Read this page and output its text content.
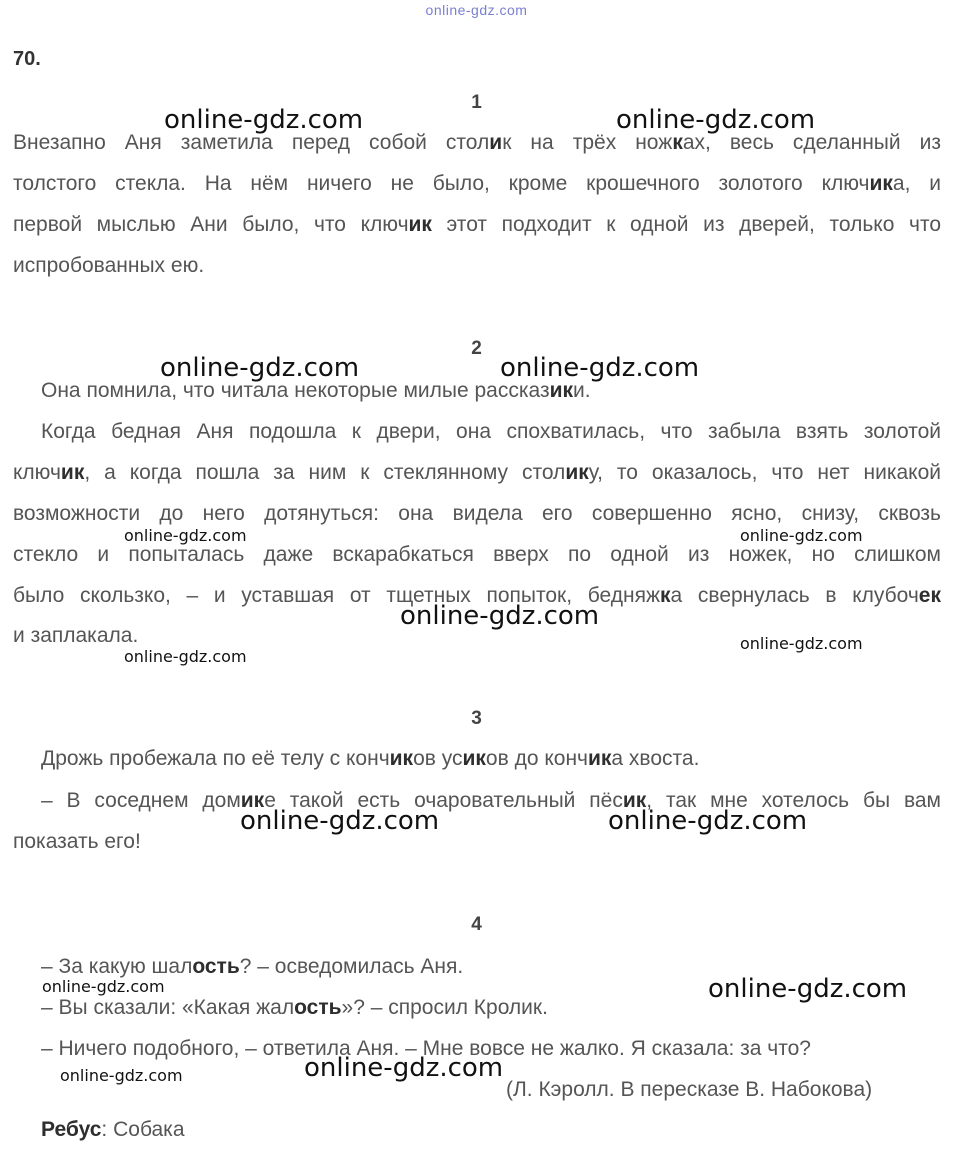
online-gdz.com
70.
1
Внезапно Аня заметила перед собой столик на трёх ножках, весь сделанный из
толстого стекла. На нём ничего не было, кроме крошечного золотого ключика, и
первой мыслью Ани было, что ключик этот подходит к одной из дверей, только что
испробованных ею.
2
Она помнила, что читала некоторые милые рассказики.
Когда бедная Аня подошла к двери, она спохватилась, что забыла взять золотой
ключик, а когда пошла за ним к стеклянному столику, то оказалось, что нет никакой
возможности до него дотянуться: она видела его совершенно ясно, снизу, сквозь
стекло и попыталась даже вскарабкаться вверх по одной из ножек, но слишком
было скользко, – и уставшая от тщетных попыток, бедняжка свернулась в клубочек
и заплакала.
3
Дрожь пробежала по её телу с кончиков усиков до кончика хвоста.
– В соседнем домике такой есть очаровательный пёсик, так мне хотелось бы вам
показать его!
4
– За какую шалость? – осведомилась Аня.
– Вы сказали: «Какая жалость»? – спросил Кролик.
– Ничего подобного, – ответила Аня. – Мне вовсе не жалко. Я сказала: за что?
(Л. Кэролл. В пересказе В. Набокова)
Ребус: Собака
online-gdz.com	online-gdz.com
online-gdz.com	online-gdz.com
online-gdz.com	online-gdz.com
online-gdz.com
online-gdz.com
online-gdz.com
online-gdz.com	online-gdz.com
online-gdz.com	online-gdz.com
online-gdz.com
online-gdz.com
